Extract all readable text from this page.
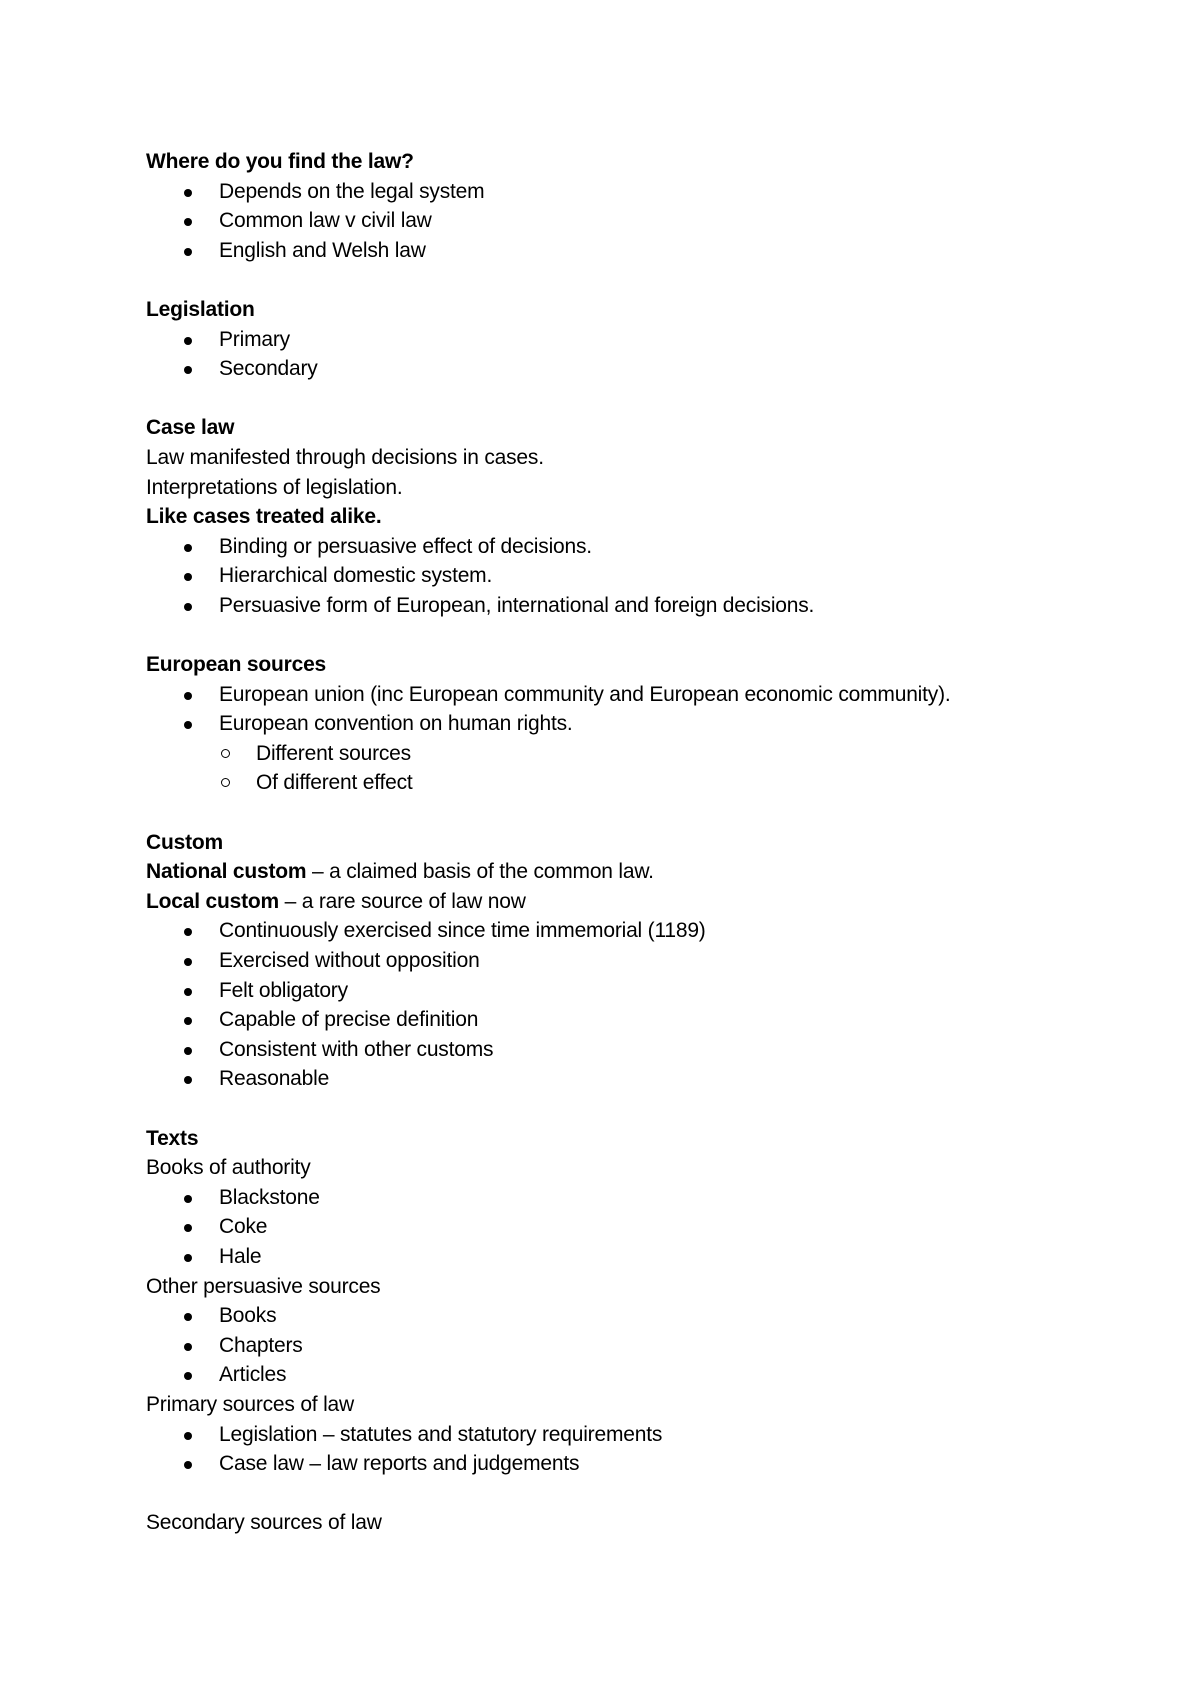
Where do you find the law?
Depends on the legal system
Common law v civil law
English and Welsh law
Legislation
Primary
Secondary
Case law
Law manifested through decisions in cases.
Interpretations of legislation.
Like cases treated alike.
Binding or persuasive effect of decisions.
Hierarchical domestic system.
Persuasive form of European, international and foreign decisions.
European sources
European union (inc European community and European economic community).
European convention on human rights.
Different sources
Of different effect
Custom
National custom – a claimed basis of the common law.
Local custom – a rare source of law now
Continuously exercised since time immemorial (1189)
Exercised without opposition
Felt obligatory
Capable of precise definition
Consistent with other customs
Reasonable
Texts
Books of authority
Blackstone
Coke
Hale
Other persuasive sources
Books
Chapters
Articles
Primary sources of law
Legislation – statutes and statutory requirements
Case law – law reports and judgements
Secondary sources of law
